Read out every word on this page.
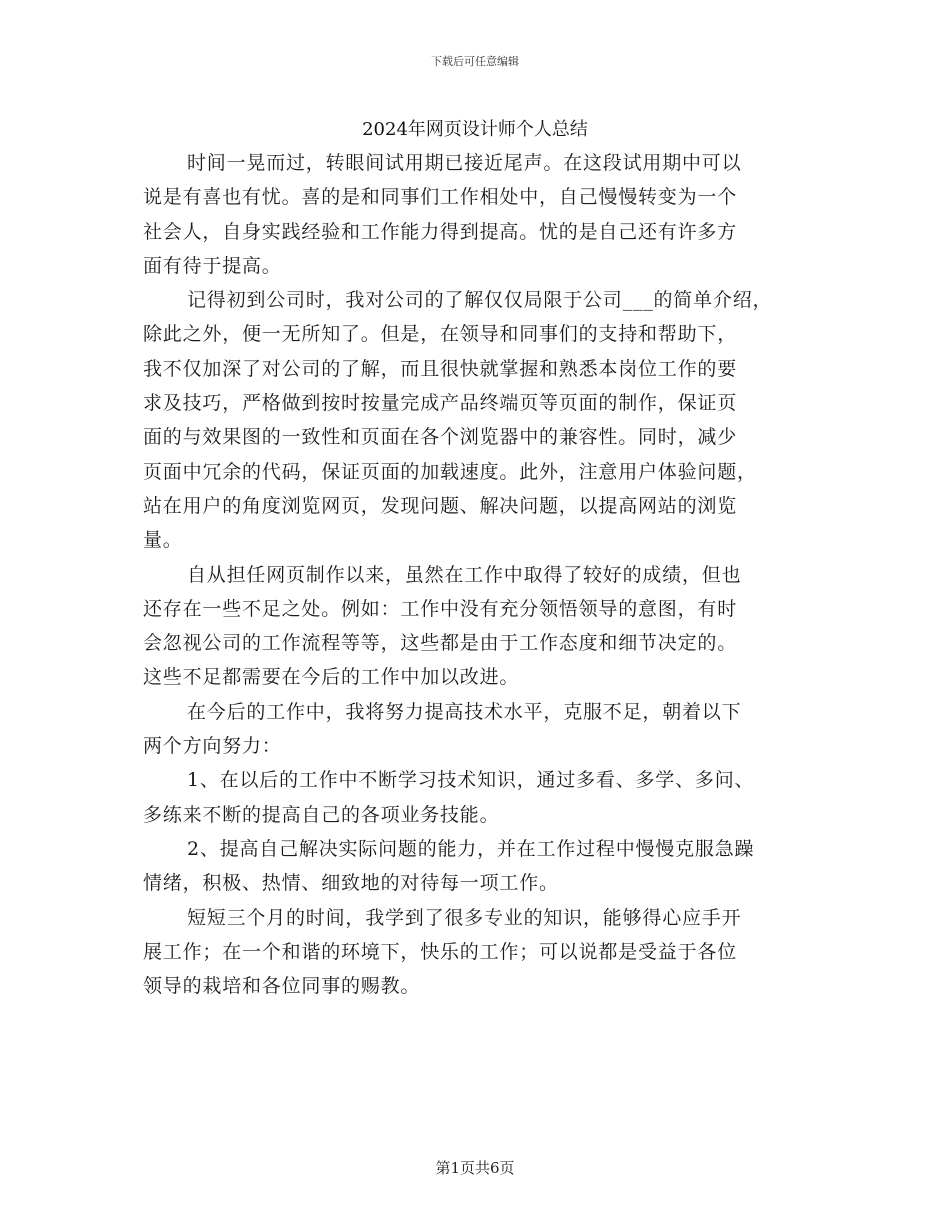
下载后可任意编辑
2024年网页设计师个人总结
时间一晃而过，转眼间试用期已接近尾声。在这段试用期中可以
说是有喜也有忧。喜的是和同事们工作相处中，自己慢慢转变为一个
社会人，自身实践经验和工作能力得到提高。忧的是自己还有许多方
面有待于提高。
记得初到公司时，我对公司的了解仅仅局限于公司___的简单介绍，
除此之外，便一无所知了。但是，在领导和同事们的支持和帮助下，
我不仅加深了对公司的了解，而且很快就掌握和熟悉本岗位工作的要
求及技巧，严格做到按时按量完成产品终端页等页面的制作，保证页
面的与效果图的一致性和页面在各个浏览器中的兼容性。同时，减少
页面中冗余的代码，保证页面的加载速度。此外，注意用户体验问题，
站在用户的角度浏览网页，发现问题、解决问题，以提高网站的浏览
量。
自从担任网页制作以来，虽然在工作中取得了较好的成绩，但也
还存在一些不足之处。例如：工作中没有充分领悟领导的意图，有时
会忽视公司的工作流程等等，这些都是由于工作态度和细节决定的。
这些不足都需要在今后的工作中加以改进。
在今后的工作中，我将努力提高技术水平，克服不足，朝着以下
两个方向努力：
1、在以后的工作中不断学习技术知识，通过多看、多学、多问、
多练来不断的提高自己的各项业务技能。
2、提高自己解决实际问题的能力，并在工作过程中慢慢克服急躁
情绪，积极、热情、细致地的对待每一项工作。
短短三个月的时间，我学到了很多专业的知识，能够得心应手开
展工作；在一个和谐的环境下，快乐的工作；可以说都是受益于各位
领导的栽培和各位同事的赐教。
第1页共6页
